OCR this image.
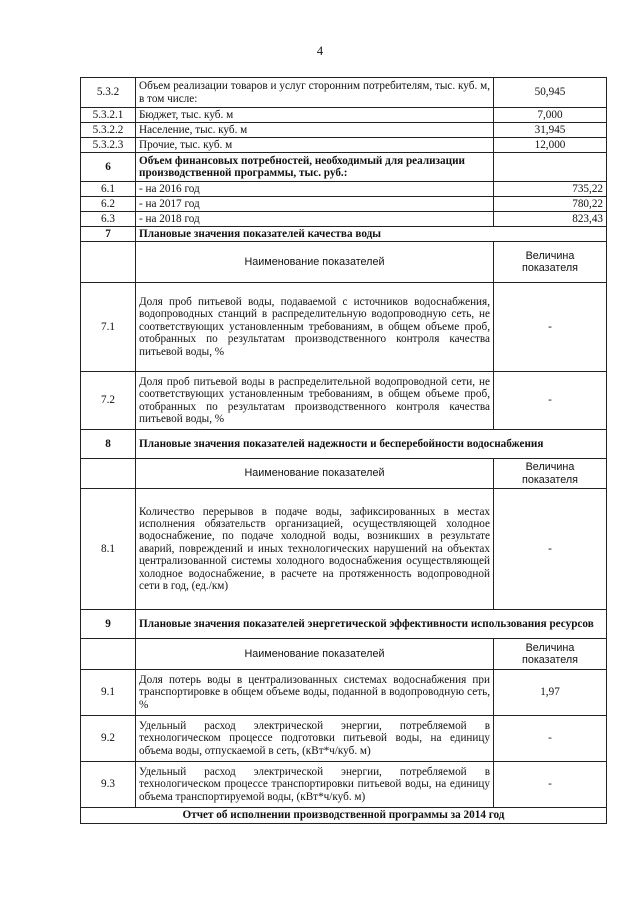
4
5.3.2	Объем реализации товаров и услуг сторонним потребителям, тыс. куб. м, в том числе:	50,945
5.3.2.1	Бюджет, тыс. куб. м	7,000
5.3.2.2	Население, тыс. куб. м	31,945
5.3.2.3	Прочие, тыс. куб. м	12,000
6	Объем финансовых потребностей, необходимый для реализации производственной программы, тыс. руб.:	
6.1	- на 2016 год	735,22
6.2	- на 2017 год	780,22
6.3	- на 2018 год	823,43
7	Плановые значения показателей качества воды	
	Наименование показателей	Величина показателя
7.1	Доля проб питьевой воды, подаваемой с источников водоснабжения, водопроводных станций в распределительную водопроводную сеть, не соответствующих установленным требованиям, в общем объеме проб, отобранных по результатам производственного контроля качества питьевой воды, %	-
7.2	Доля проб питьевой воды в распределительной водопроводной сети, не соответствующих установленным требованиям, в общем объеме проб, отобранных по результатам производственного контроля качества питьевой воды, %	-
8	Плановые значения показателей надежности и бесперебойности водоснабжения	
	Наименование показателей	Величина показателя
8.1	Количество перерывов в подаче воды, зафиксированных в местах исполнения обязательств организацией, осуществляющей холодное водоснабжение, по подаче холодной воды, возникших в результате аварий, повреждений и иных технологических нарушений на объектах централизованной системы холодного водоснабжения осуществляющей холодное водоснабжение, в расчете на протяженность водопроводной сети в год, (ед./км)	-
9	Плановые значения показателей энергетической эффективности использования ресурсов	
	Наименование показателей	Величина показателя
9.1	Доля потерь воды в централизованных системах водоснабжения при транспортировке в общем объеме воды, поданной в водопроводную сеть, %	1,97
9.2	Удельный расход электрической энергии, потребляемой в технологическом процессе подготовки питьевой воды, на единицу объема воды, отпускаемой в сеть, (кВт*ч/куб. м)	-
9.3	Удельный расход электрической энергии, потребляемой в технологическом процессе транспортировки питьевой воды, на единицу объема транспортируемой воды, (кВт*ч/куб. м)	-
Отчет об исполнении производственной программы за 2014 год		
